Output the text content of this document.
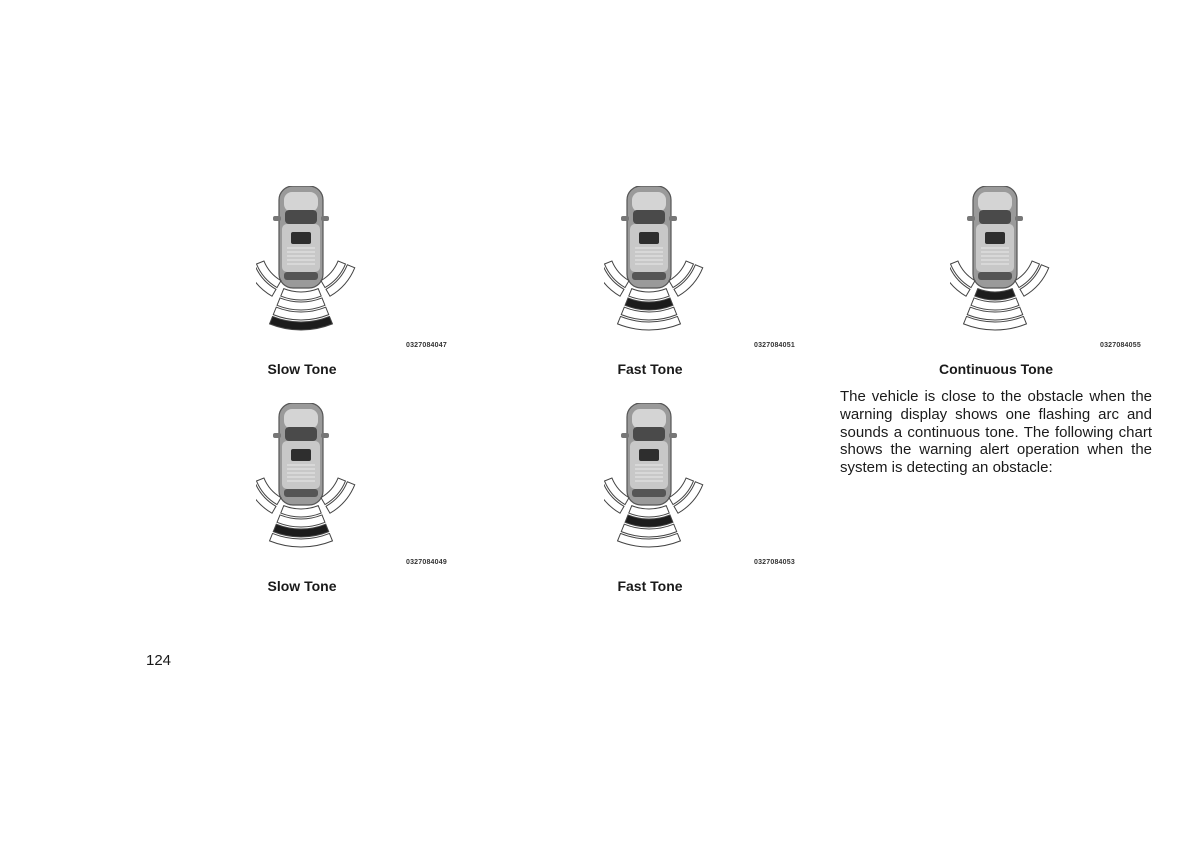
0327084047
Slow Tone
0327084051
Fast Tone
0327084055
Continuous Tone
0327084049
Slow Tone
0327084053
Fast Tone
The vehicle is close to the obstacle when the warning display shows one flashing arc and sounds a continuous tone. The following chart shows the warning alert operation when the system is detecting an obstacle:
124
